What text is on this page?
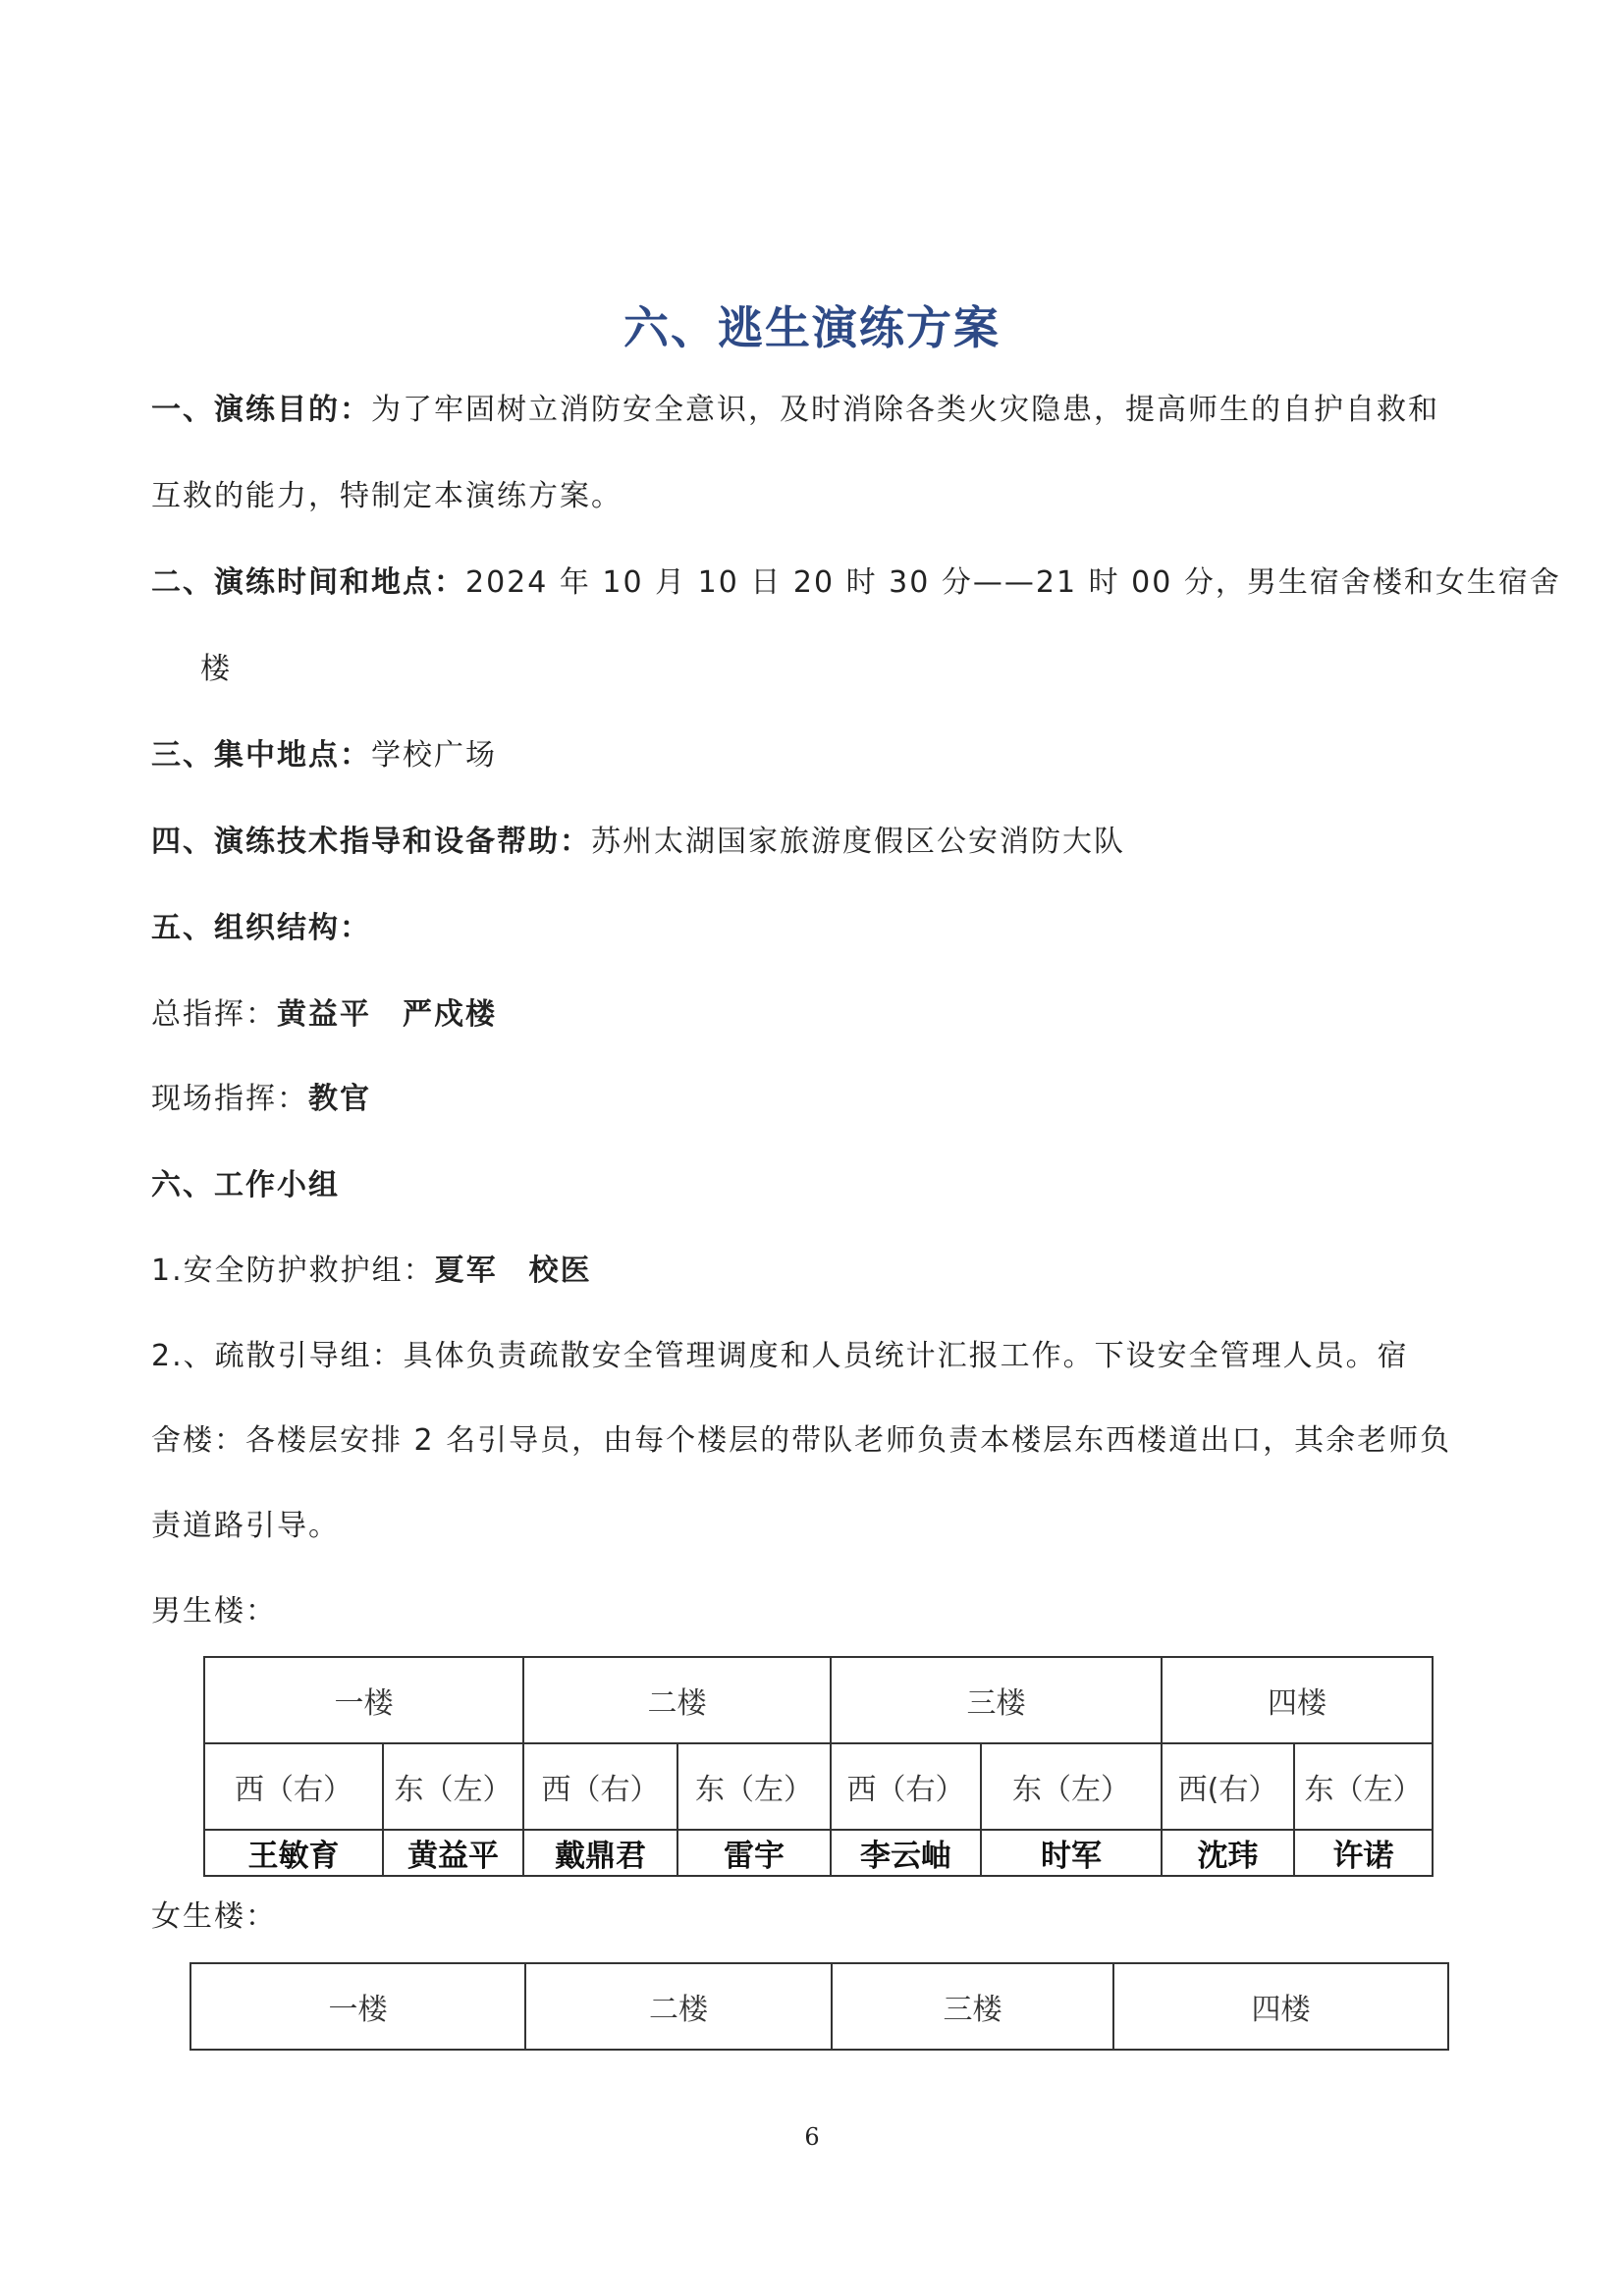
六、逃生演练方案
一、演练目的：为了牢固树立消防安全意识，及时消除各类火灾隐患，提高师生的自护自救和
互救的能力，特制定本演练方案。
二、演练时间和地点：2024 年 10 月 10 日 20 时 30 分——21 时 00 分，男生宿舍楼和女生宿舍
楼
三、集中地点：学校广场
四、演练技术指导和设备帮助：苏州太湖国家旅游度假区公安消防大队
五、组织结构：
总指挥：黄益平　严戍楼
现场指挥：教官
六、工作小组
1.安全防护救护组：夏军　校医
2.、疏散引导组：具体负责疏散安全管理调度和人员统计汇报工作。下设安全管理人员。宿
舍楼：各楼层安排 2 名引导员，由每个楼层的带队老师负责本楼层东西楼道出口，其余老师负
责道路引导。
男生楼：
一楼		二楼		三楼		四楼	
西（右）	东（左）	西（右）	东（左）	西（右）	东（左）	西(右）	东（左）
王敏育	黄益平	戴鼎君	雷宇	李云岫	时军	沈玮	许诺
女生楼：
一楼	二楼	三楼	四楼
6
